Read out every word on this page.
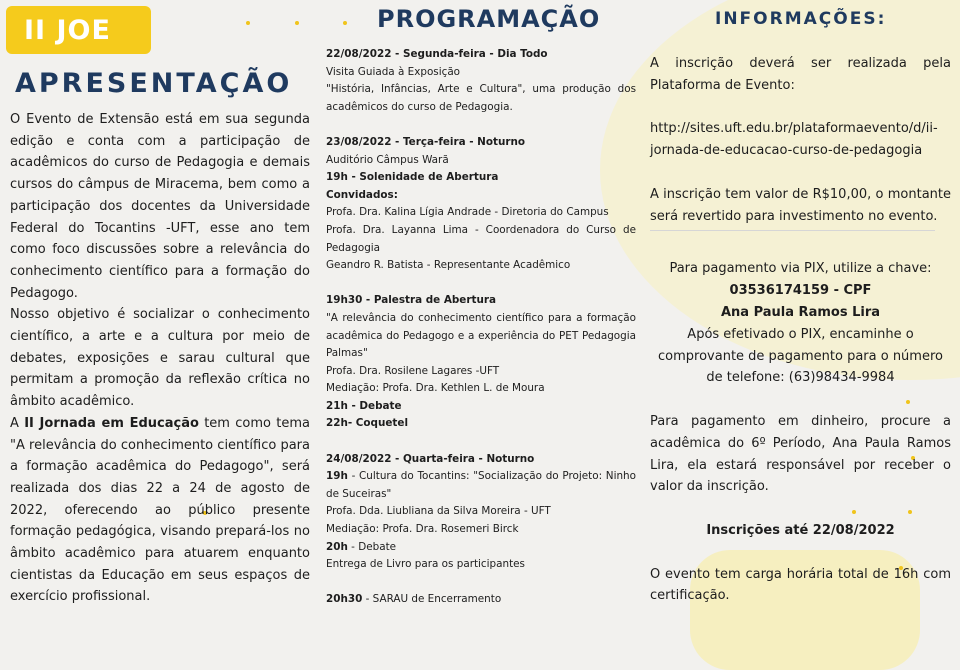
II JOE
APRESENTAÇÃO
PROGRAMAÇÃO	INFORMAÇÕES:

O Evento de Extensão está em sua segunda edição e conta com a participação de acadêmicos do curso de Pedagogia e demais cursos do câmpus de Miracema, bem como a participação dos docentes da Universidade Federal do Tocantins -UFT, esse ano tem como foco discussões sobre a relevância do conhecimento científico para a formação do Pedagogo.

Nosso objetivo é socializar o conhecimento científico, a arte e a cultura por meio de debates, exposições e sarau cultural que permitam a promoção da reflexão crítica no âmbito acadêmico.

A II Jornada em Educação tem como tema "A relevância do conhecimento científico para a formação acadêmica do Pedagogo", será realizada dos dias 22 a 24 de agosto de 2022, oferecendo ao público presente formação pedagógica, visando prepará-los no âmbito acadêmico para atuarem enquanto cientistas da Educação em seus espaços de exercício profissional.

22/08/2022 - Segunda-feira - Dia Todo
Visita Guiada à Exposição
"História, Infâncias, Arte e Cultura", uma produção dos acadêmicos do curso de Pedagogia.
23/08/2022 - Terça-feira - Noturno
Auditório Câmpus Warã
19h - Solenidade de Abertura
Convidados:
Profa. Dra. Kalina Lígia Andrade - Diretoria do Campus
Profa. Dra. Layanna Lima - Coordenadora do Curso de Pedagogia
Geandro R. Batista - Representante Acadêmico
19h30 - Palestra de Abertura
"A relevância do conhecimento científico para a formação acadêmica do Pedagogo e a experiência do PET Pedagogia Palmas"
Profa. Dra. Rosilene Lagares -UFT
Mediação: Profa. Dra. Kethlen L. de Moura
21h - Debate
22h- Coquetel
24/08/2022 - Quarta-feira - Noturno
19h - Cultura do Tocantins: "Socialização do Projeto: Ninho de Suceiras"
Profa. Dda. Liubliana da Silva Moreira - UFT
Mediação: Profa. Dra. Rosemeri Birck
20h - Debate
Entrega de Livro para os participantes
20h30 - SARAU de Encerramento

A inscrição deverá ser realizada pela Plataforma de Evento:

http://sites.uft.edu.br/plataformaevento/d/ii-jornada-de-educacao-curso-de-pedagogia

A inscrição tem valor de R$10,00, o montante será revertido para investimento no evento.

Para pagamento via PIX, utilize a chave:

03536174159 - CPF

Ana Paula Ramos Lira

Após efetivado o PIX, encaminhe o comprovante de pagamento para o número de telefone: (63)98434-9984

Para pagamento em dinheiro, procure a acadêmica do 6º Período, Ana Paula Ramos Lira, ela estará responsável por receber o valor da inscrição.

Inscrições até 22/08/2022

O evento tem carga horária total de 16h com certificação.
